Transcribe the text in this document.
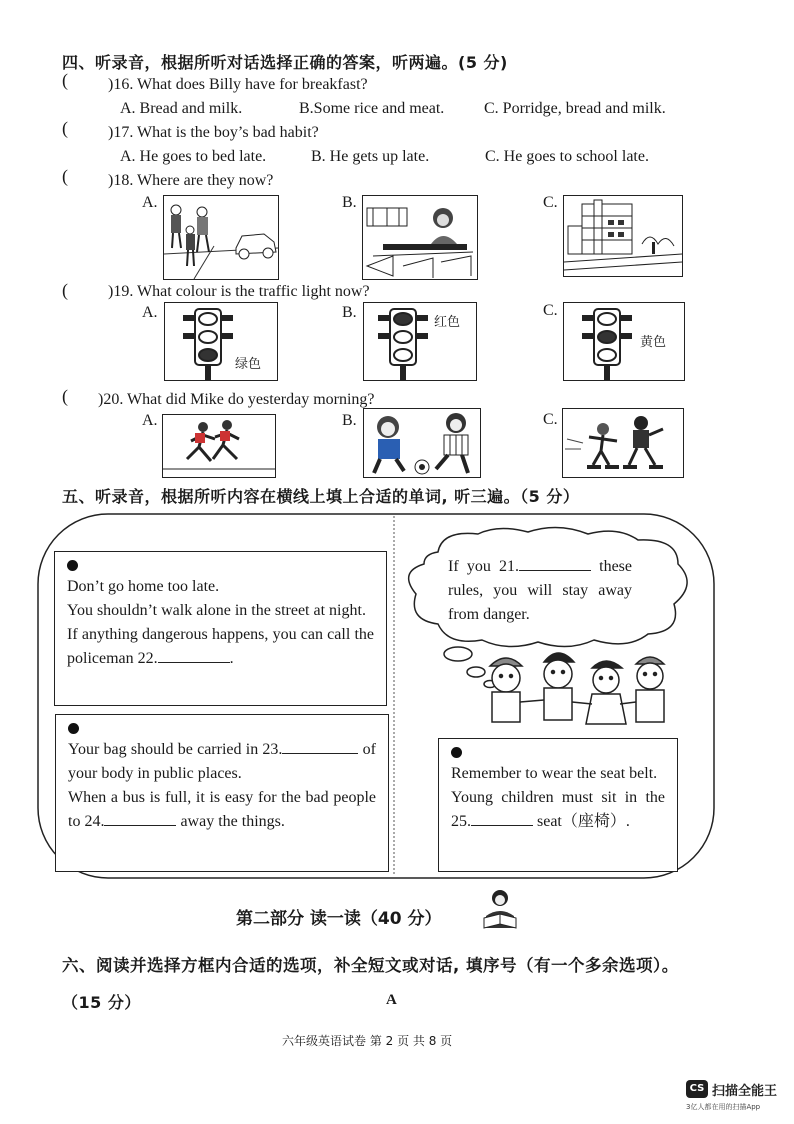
四、听录音，根据所听对话选择正确的答案，听两遍。(5 分)
(	)16. What does Billy have for breakfast?
A. Bread and milk.	B.Some rice and meat. C. Porridge, bread and milk.
(	)17. What is the boy’s bad habit?
A. He goes to bed late.	B. He gets up late.	C. He goes to school late.
(	)18. Where are they now?
A.	B.	C.
(	)19. What colour is the traffic light now?
A.	B.	C.
绿色
红色
黄色
( )20. What did Mike do yesterday morning?
A.	B.	C.
五、听录音，根据所听内容在横线上填上合适的单词, 听三遍。（5 分）
Don’t go home too late.
You shouldn’t walk alone in the street at night.
If anything dangerous happens, you can call the policeman 22.	.
If you 21.	these rules, you will stay away from danger.
Your bag should be carried in 23.	of your body in public places.
When a bus is full, it is easy for the bad people to 24.	away the things.
Remember to wear the seat belt.
Young children must sit in the 25.	seat（座椅）.
第二部分 读一读（40 分）
六、阅读并选择方框内合适的选项，补全短文或对话, 填序号（有一个多余选项）。
（15 分）	A
六年级英语试卷 第 2 页 共 8 页
CS 扫描全能王
3亿人都在用的扫描App
